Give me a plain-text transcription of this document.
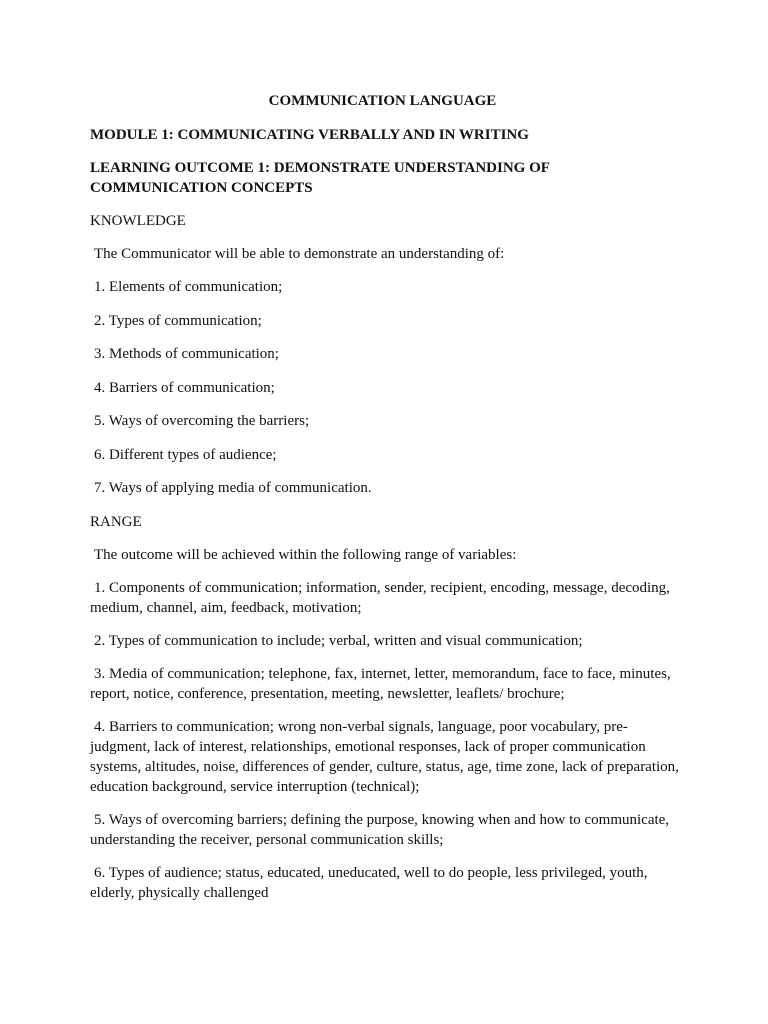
COMMUNICATION LANGUAGE
MODULE 1: COMMUNICATING VERBALLY AND IN WRITING
LEARNING OUTCOME 1: DEMONSTRATE UNDERSTANDING OF COMMUNICATION CONCEPTS
KNOWLEDGE
The Communicator will be able to demonstrate an understanding of:
1. Elements of communication;
2. Types of communication;
3. Methods of communication;
4. Barriers of communication;
5. Ways of overcoming the barriers;
6. Different types of audience;
7. Ways of applying media of communication.
RANGE
The outcome will be achieved within the following range of variables:
1. Components of communication; information, sender, recipient, encoding, message, decoding, medium, channel, aim, feedback, motivation;
2. Types of communication to include; verbal, written and visual communication;
3. Media of communication; telephone, fax, internet, letter, memorandum, face to face, minutes, report, notice, conference, presentation, meeting, newsletter, leaflets/ brochure;
4. Barriers to communication; wrong non-verbal signals, language, poor vocabulary, pre-judgment, lack of interest, relationships, emotional responses, lack of proper communication systems, altitudes, noise, differences of gender, culture, status, age, time zone, lack of preparation, education background, service interruption (technical);
5. Ways of overcoming barriers; defining the purpose, knowing when and how to communicate, understanding the receiver, personal communication skills;
6. Types of audience; status, educated, uneducated, well to do people, less privileged, youth, elderly, physically challenged
